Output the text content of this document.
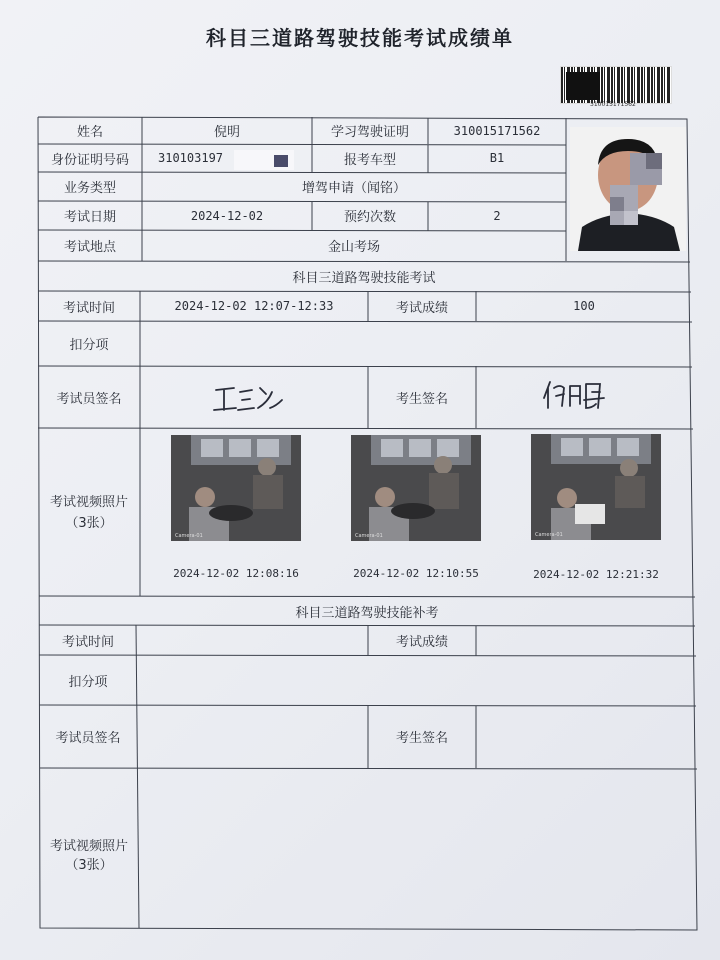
科目三道路驾驶技能考试成绩单
310015171562
姓名	倪明	学习驾驶证明	310015171562
身份证明号码	310103197	报考车型	B1
业务类型	增驾申请（闻铭）
考试日期	2024-12-02	预约次数	2
考试地点	金山考场
科目三道路驾驶技能考试
考试时间	2024-12-02 12:07-12:33	考试成绩	100
扣分项
考试员签名	考生签名
考试视频照片
（3张）
Camera-01	Camera-01	Camera-01
2024-12-02 12:08:16	2024-12-02 12:10:55	2024-12-02 12:21:32
科目三道路驾驶技能补考
考试时间	考试成绩
扣分项
考试员签名	考生签名
考试视频照片
（3张）
